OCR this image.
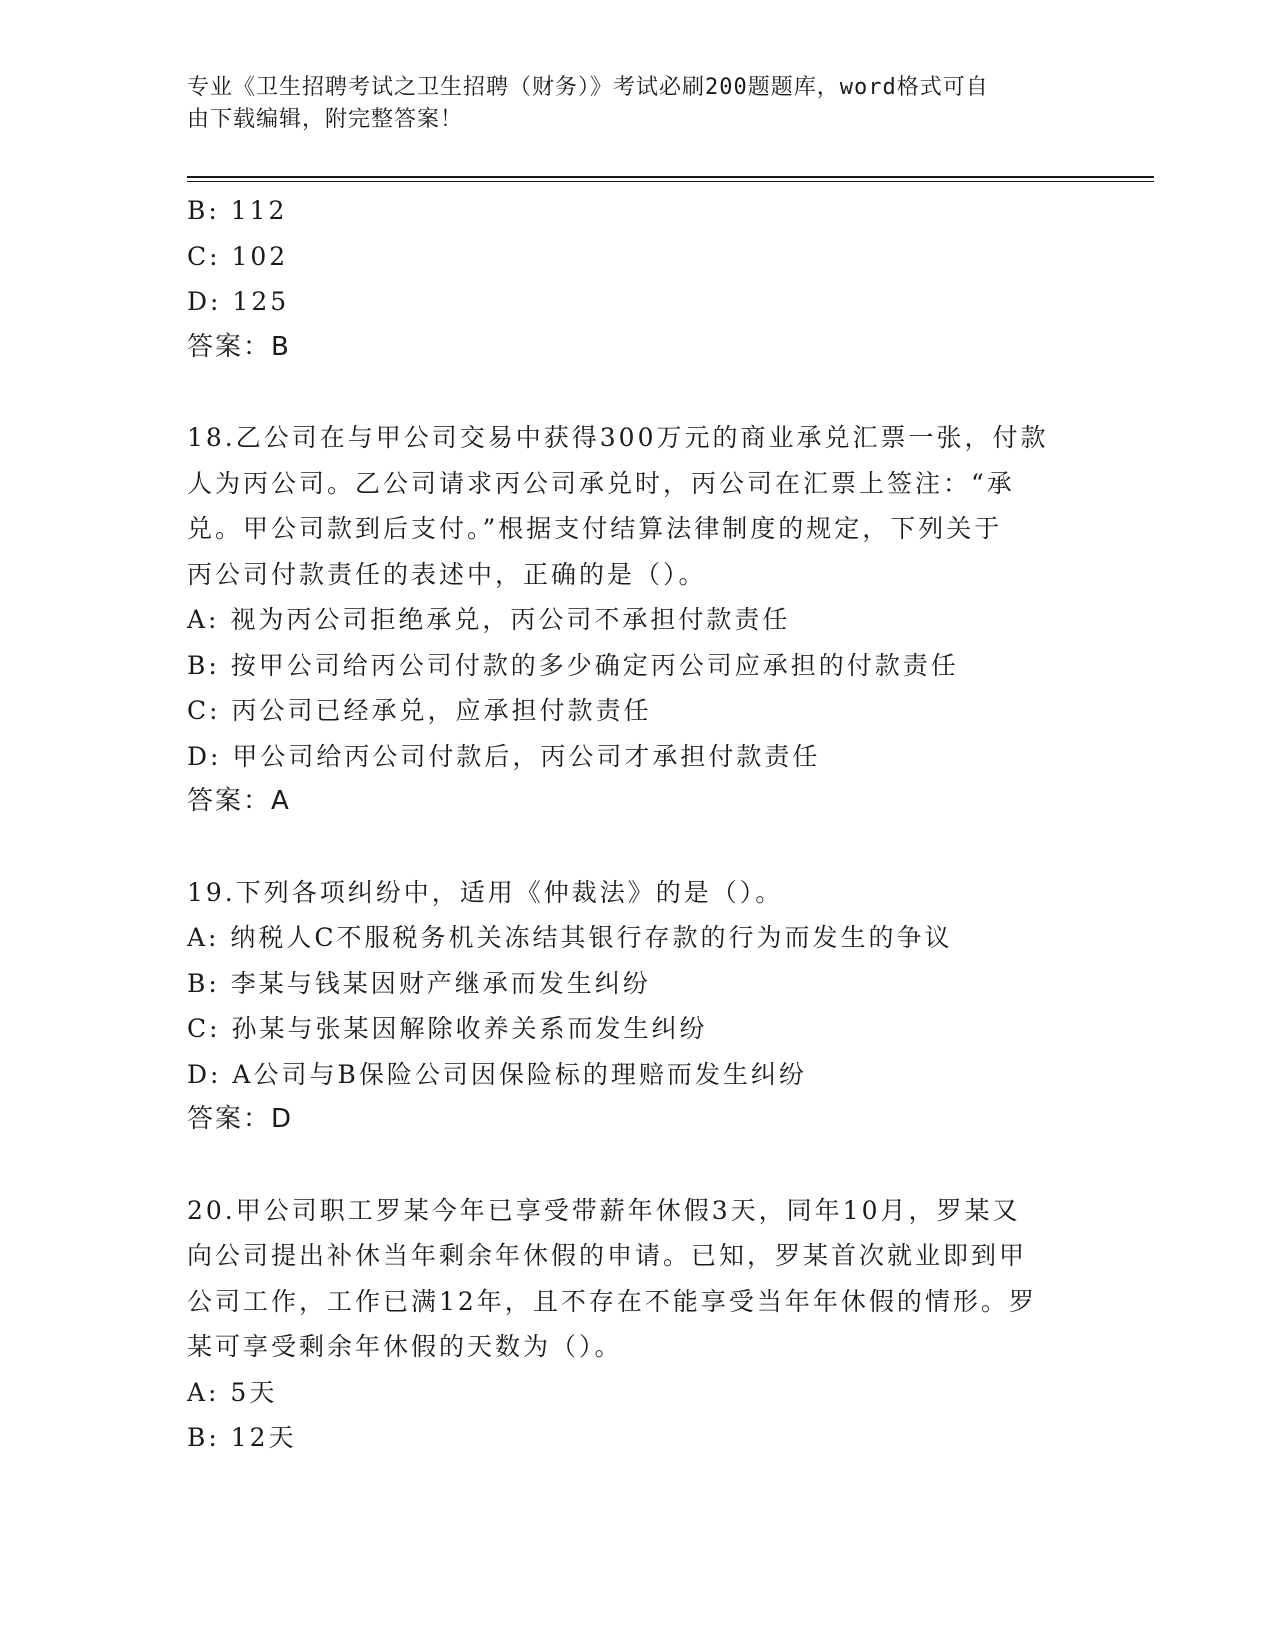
专业《卫生招聘考试之卫生招聘（财务）》考试必刷200题题库，word格式可自
由下载编辑，附完整答案！

B: 112

C: 102

D: 125

答案：B

18.乙公司在与甲公司交易中获得300万元的商业承兑汇票一张，付款

人为丙公司。乙公司请求丙公司承兑时，丙公司在汇票上签注：“承

兑。甲公司款到后支付。”根据支付结算法律制度的规定，下列关于

丙公司付款责任的表述中，正确的是（）。

A: 视为丙公司拒绝承兑，丙公司不承担付款责任

B: 按甲公司给丙公司付款的多少确定丙公司应承担的付款责任

C: 丙公司已经承兑，应承担付款责任

D: 甲公司给丙公司付款后，丙公司才承担付款责任

答案：A

19.下列各项纠纷中，适用《仲裁法》的是（）。

A: 纳税人C不服税务机关冻结其银行存款的行为而发生的争议

B: 李某与钱某因财产继承而发生纠纷

C: 孙某与张某因解除收养关系而发生纠纷

D: A公司与B保险公司因保险标的理赔而发生纠纷

答案：D

20.甲公司职工罗某今年已享受带薪年休假3天，同年10月，罗某又

向公司提出补休当年剩余年休假的申请。已知，罗某首次就业即到甲

公司工作，工作已满12年，且不存在不能享受当年年休假的情形。罗

某可享受剩余年休假的天数为（）。

A: 5天

B: 12天
